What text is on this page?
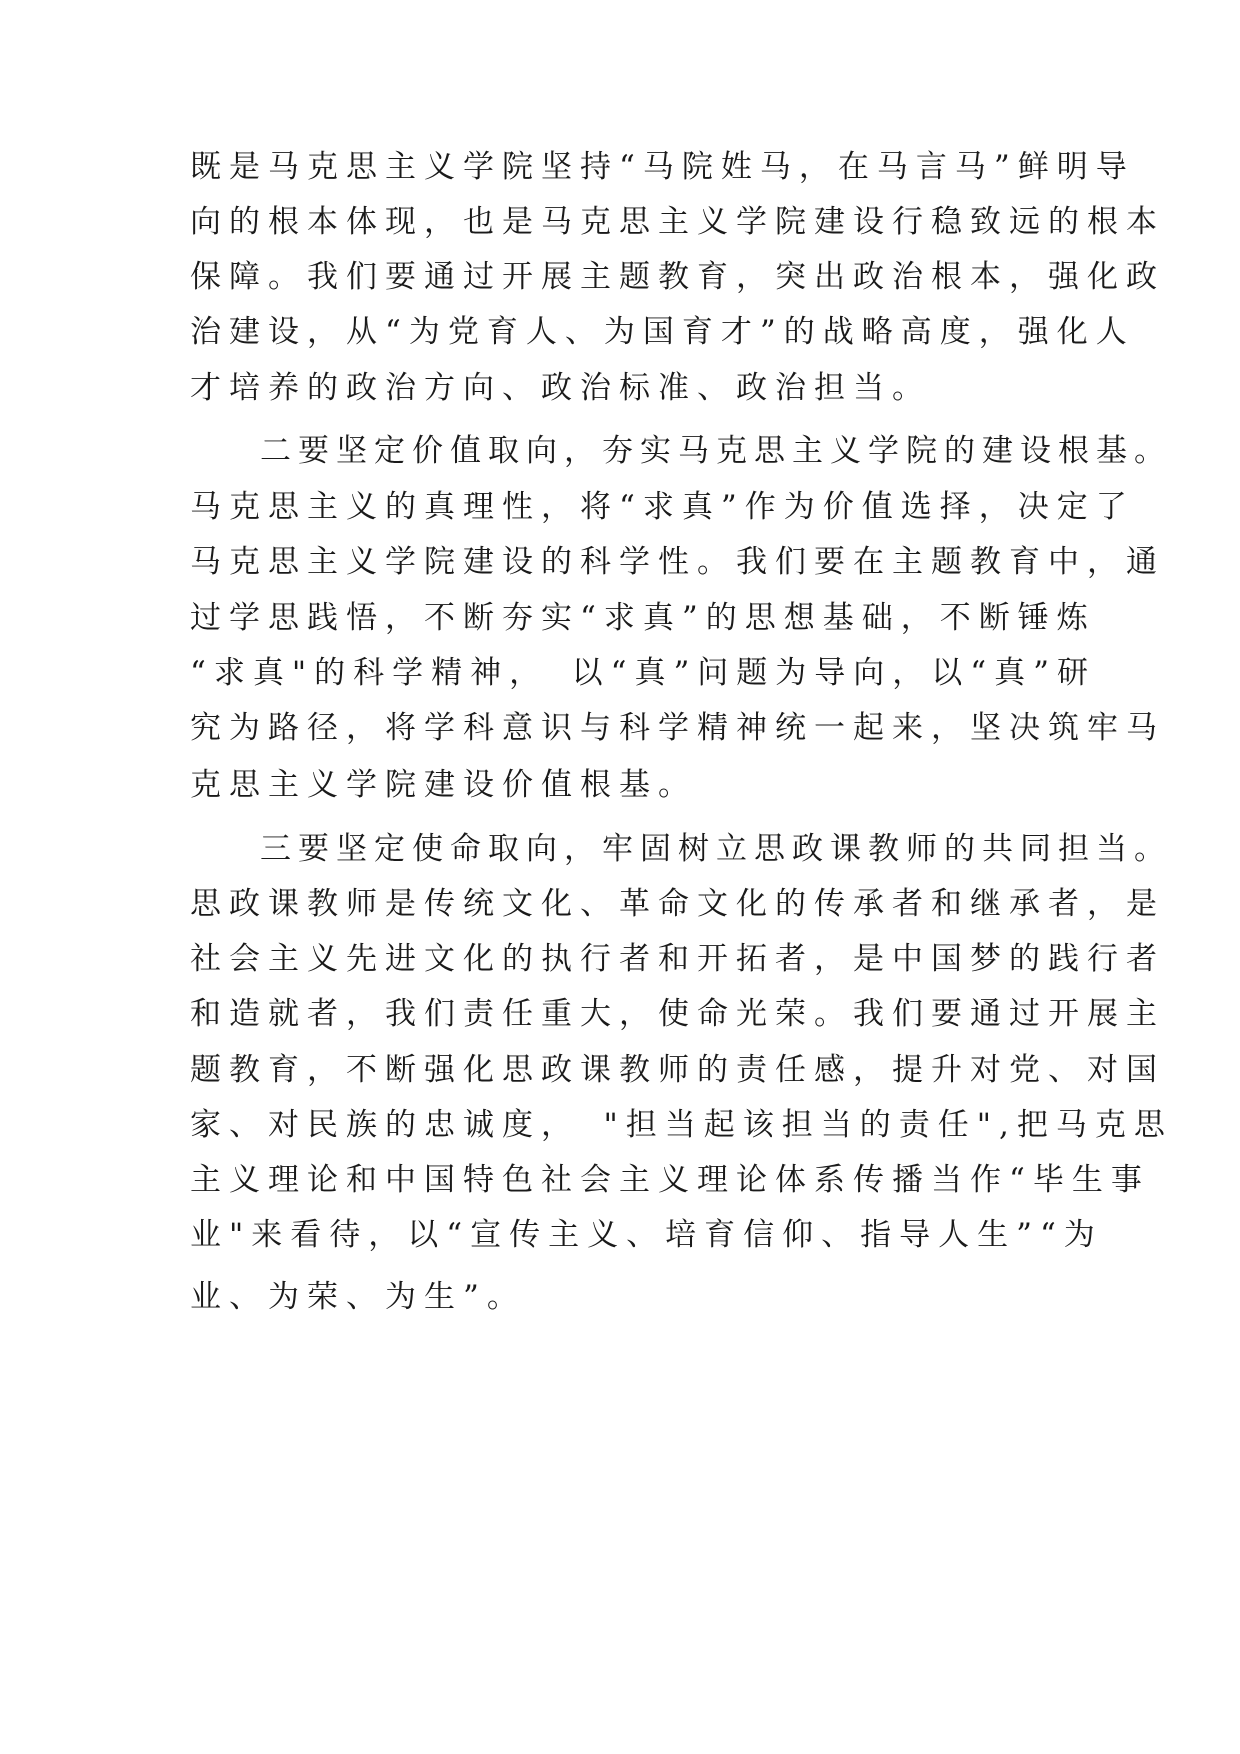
既是马克思主义学院坚持“马院姓马，在马言马”鲜明导

向的根本体现，也是马克思主义学院建设行稳致远的根本

保障。我们要通过开展主题教育，突出政治根本，强化政

治建设，从“为党育人、为国育才”的战略高度，强化人

才培养的政治方向、政治标准、政治担当。

二要坚定价值取向，夯实马克思主义学院的建设根基。

马克思主义的真理性，将“求真”作为价值选择，决定了

马克思主义学院建设的科学性。我们要在主题教育中，通

过学思践悟，不断夯实“求真”的思想基础，不断锤炼

“求真"的科学精神，　以“真”问题为导向，以“真”研

究为路径，将学科意识与科学精神统一起来，坚决筑牢马

克思主义学院建设价值根基。

三要坚定使命取向，牢固树立思政课教师的共同担当。

思政课教师是传统文化、革命文化的传承者和继承者，是

社会主义先进文化的执行者和开拓者，是中国梦的践行者

和造就者，我们责任重大，使命光荣。我们要通过开展主

题教育，不断强化思政课教师的责任感，提升对党、对国

家、对民族的忠诚度，　"担当起该担当的责任",把马克思

主义理论和中国特色社会主义理论体系传播当作“毕生事

业"来看待，以“宣传主义、培育信仰、指导人生”“为

业、为荣、为生”。
